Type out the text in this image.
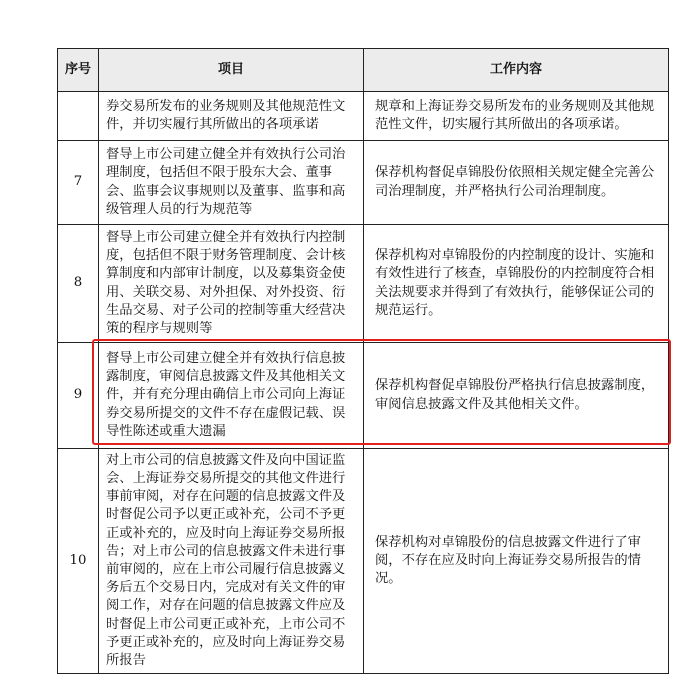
序号	项目	工作内容
	券交易所发布的业务规则及其他规范性文件，并切实履行其所做出的各项承诺	规章和上海证券交易所发布的业务规则及其他规范性文件，切实履行其所做出的各项承诺。
7	督导上市公司建立健全并有效执行公司治理制度，包括但不限于股东大会、董事会、监事会议事规则以及董事、监事和高级管理人员的行为规范等	保荐机构督促卓锦股份依照相关规定健全完善公司治理制度，并严格执行公司治理制度。
8	督导上市公司建立健全并有效执行内控制度，包括但不限于财务管理制度、会计核算制度和内部审计制度，以及募集资金使用、关联交易、对外担保、对外投资、衍生品交易、对子公司的控制等重大经营决策的程序与规则等	保荐机构对卓锦股份的内控制度的设计、实施和有效性进行了核查，卓锦股份的内控制度符合相关法规要求并得到了有效执行，能够保证公司的规范运行。
9	督导上市公司建立健全并有效执行信息披露制度，审阅信息披露文件及其他相关文件，并有充分理由确信上市公司向上海证券交易所提交的文件不存在虚假记载、误导性陈述或重大遗漏	保荐机构督促卓锦股份严格执行信息披露制度，审阅信息披露文件及其他相关文件。
10	对上市公司的信息披露文件及向中国证监会、上海证券交易所提交的其他文件进行事前审阅，对存在问题的信息披露文件及时督促公司予以更正或补充，公司不予更正或补充的，应及时向上海证券交易所报告；对上市公司的信息披露文件未进行事前审阅的，应在上市公司履行信息披露义务后五个交易日内，完成对有关文件的审阅工作，对存在问题的信息披露文件应及时督促上市公司更正或补充，上市公司不予更正或补充的，应及时向上海证券交易所报告	保荐机构对卓锦股份的信息披露文件进行了审阅，不存在应及时向上海证券交易所报告的情况。
